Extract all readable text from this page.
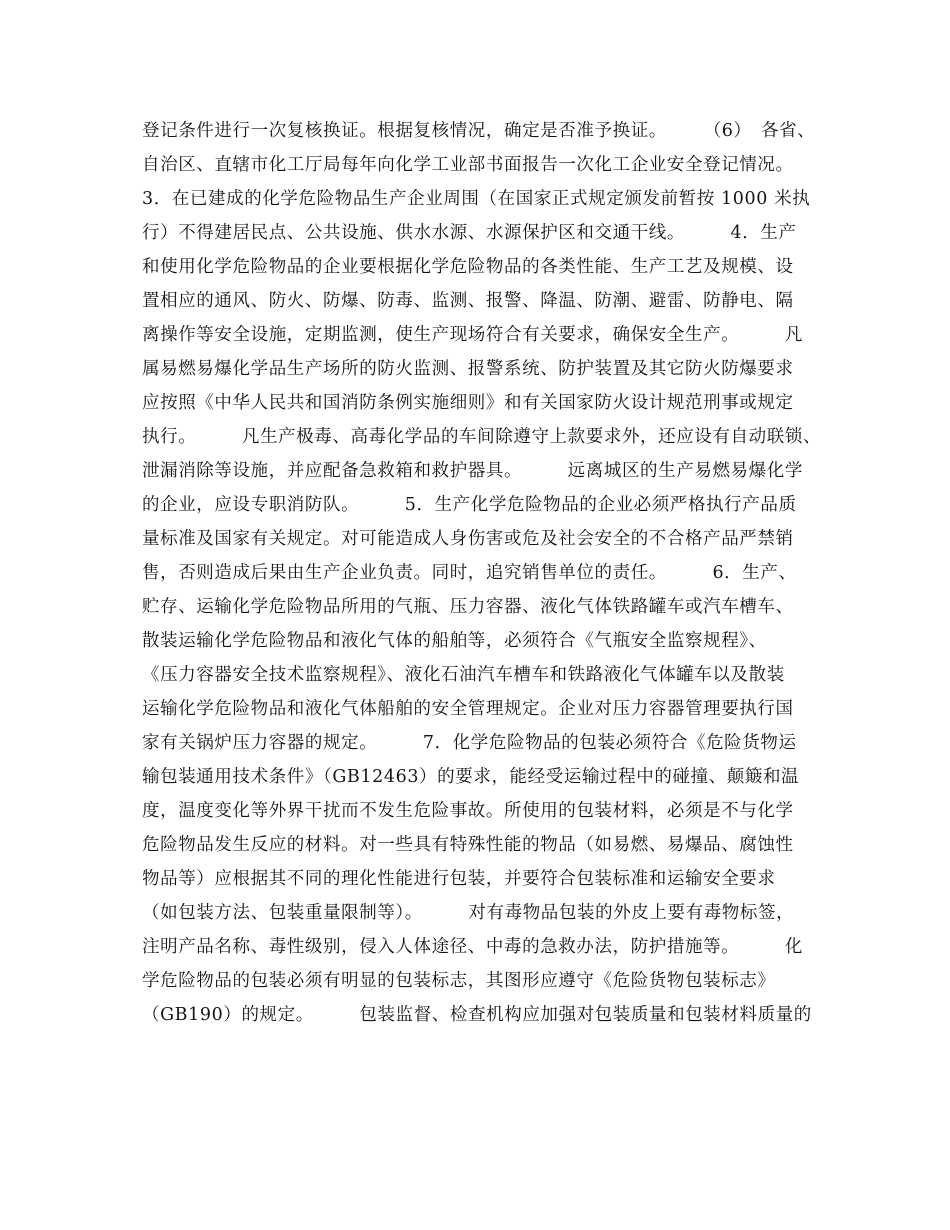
登记条件进行一次复核换证。根据复核情况，确定是否准予换证。　　　（6）　各省、
自治区、直辖市化工厅局每年向化学工业部书面报告一次化工企业安全登记情况。
3．在已建成的化学危险物品生产企业周围（在国家正式规定颁发前暂按 1000 米执
行）不得建居民点、公共设施、供水水源、水源保护区和交通干线。　　　4．生产
和使用化学危险物品的企业要根据化学危险物品的各类性能、生产工艺及规模、设
置相应的通风、防火、防爆、防毒、监测、报警、降温、防潮、避雷、防静电、隔
离操作等安全设施，定期监测，使生产现场符合有关要求，确保安全生产。　　　凡
属易燃易爆化学品生产场所的防火监测、报警系统、防护装置及其它防火防爆要求
应按照《中华人民共和国消防条例实施细则》和有关国家防火设计规范刑事或规定
执行。　　　凡生产极毒、高毒化学品的车间除遵守上款要求外，还应设有自动联锁、
泄漏消除等设施，并应配备急救箱和救护器具。　　　远离城区的生产易燃易爆化学
的企业，应设专职消防队。　　　5．生产化学危险物品的企业必须严格执行产品质
量标准及国家有关规定。对可能造成人身伤害或危及社会安全的不合格产品严禁销
售，否则造成后果由生产企业负责。同时，追究销售单位的责任。　　　6．生产、
贮存、运输化学危险物品所用的气瓶、压力容器、液化气体铁路罐车或汽车槽车、
散装运输化学危险物品和液化气体的船舶等，必须符合《气瓶安全监察规程》、
《压力容器安全技术监察规程》、液化石油汽车槽车和铁路液化气体罐车以及散装
运输化学危险物品和液化气体船舶的安全管理规定。企业对压力容器管理要执行国
家有关锅炉压力容器的规定。　　　7．化学危险物品的包装必须符合《危险货物运
输包装通用技术条件》（GB12463）的要求，能经受运输过程中的碰撞、颠簸和温
度，温度变化等外界干扰而不发生危险事故。所使用的包装材料，必须是不与化学
危险物品发生反应的材料。对一些具有特殊性能的物品（如易燃、易爆品、腐蚀性
物品等）应根据其不同的理化性能进行包装，并要符合包装标准和运输安全要求
（如包装方法、包装重量限制等）。　　　对有毒物品包装的外皮上要有毒物标签，
注明产品名称、毒性级别，侵入人体途径、中毒的急救办法，防护措施等。　　　化
学危险物品的包装必须有明显的包装标志，其图形应遵守《危险货物包装标志》
（GB190）的规定。　　　包装监督、检查机构应加强对包装质量和包装材料质量的
